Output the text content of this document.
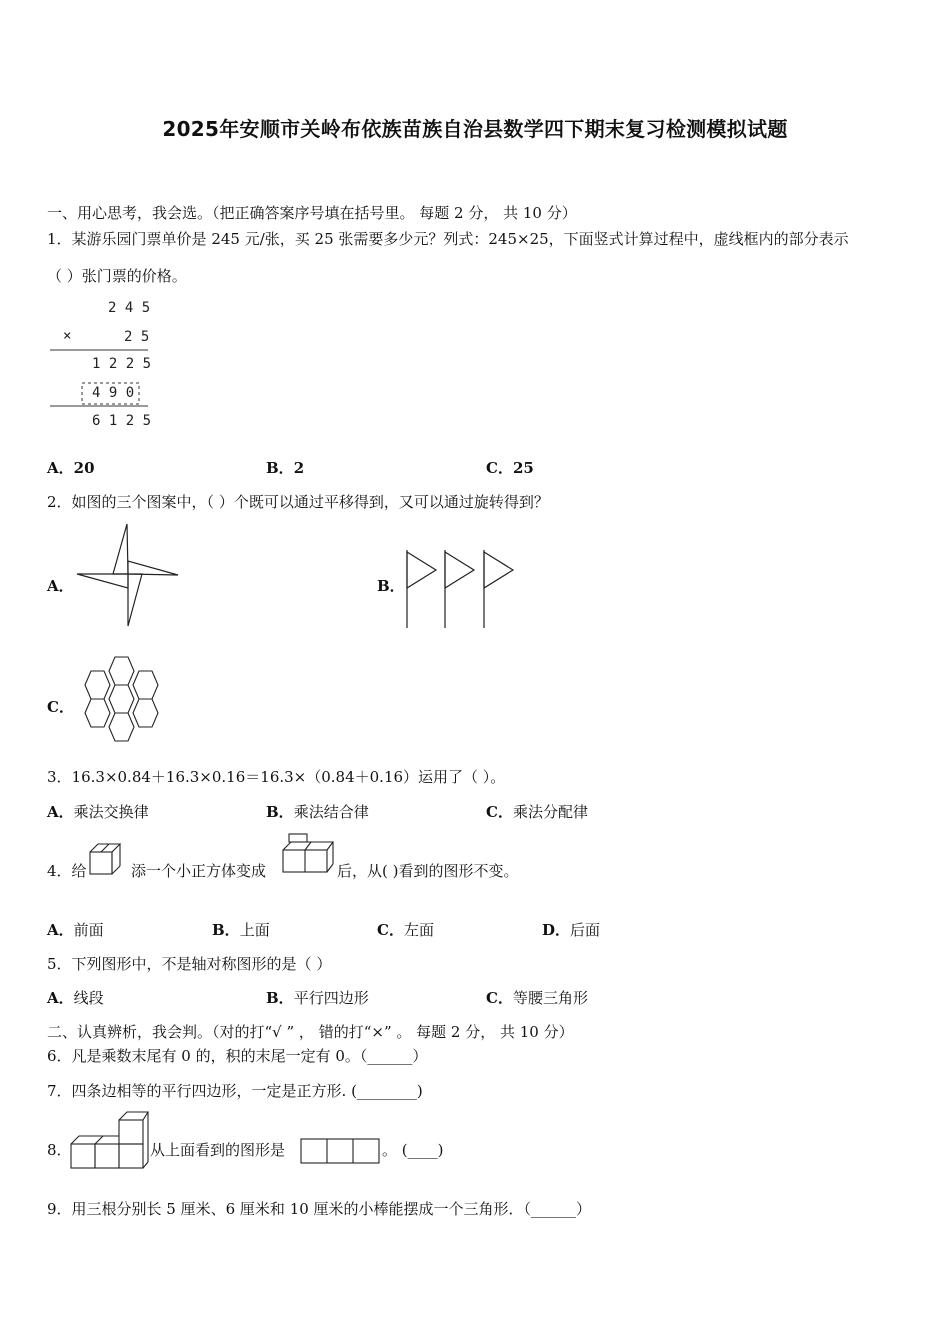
2025年安顺市关岭布依族苗族自治县数学四下期末复习检测模拟试题
一、用心思考，我会选。（把正确答案序号填在括号里。 每题 2 分， 共 10 分）
1．某游乐园门票单价是 245 元/张，买 25 张需要多少元？列式：245×25，下面竖式计算过程中，虚线框内的部分表示
（ ）张门票的价格。
2 4 5
×	2 5
1 2 2 5
4 9 0
6 1 2 5
A．20	B．2	C．25
2．如图的三个图案中，（ ）个既可以通过平移得到，又可以通过旋转得到？
A．	B．
C．
3．16.3×0.84＋16.3×0.16＝16.3×（0.84＋0.16）运用了（ ）。
A．乘法交换律	B．乘法结合律	C．乘法分配律
4．给	添一个小正方体变成	后，从( )看到的图形不变。
A．前面	B．上面	C．左面	D．后面
5．下列图形中，不是轴对称图形的是（ ）
A．线段	B．平行四边形	C．等腰三角形
二、认真辨析，我会判。（对的打“√ ” ， 错的打“×” 。 每题 2 分， 共 10 分）
6．凡是乘数末尾有 0 的，积的末尾一定有 0。（______）
7．四条边相等的平行四边形，一定是正方形. (________)
8．	从上面看到的图形是	。 (____)
9．用三根分别长 5 厘米、6 厘米和 10 厘米的小棒能摆成一个三角形．（______）
